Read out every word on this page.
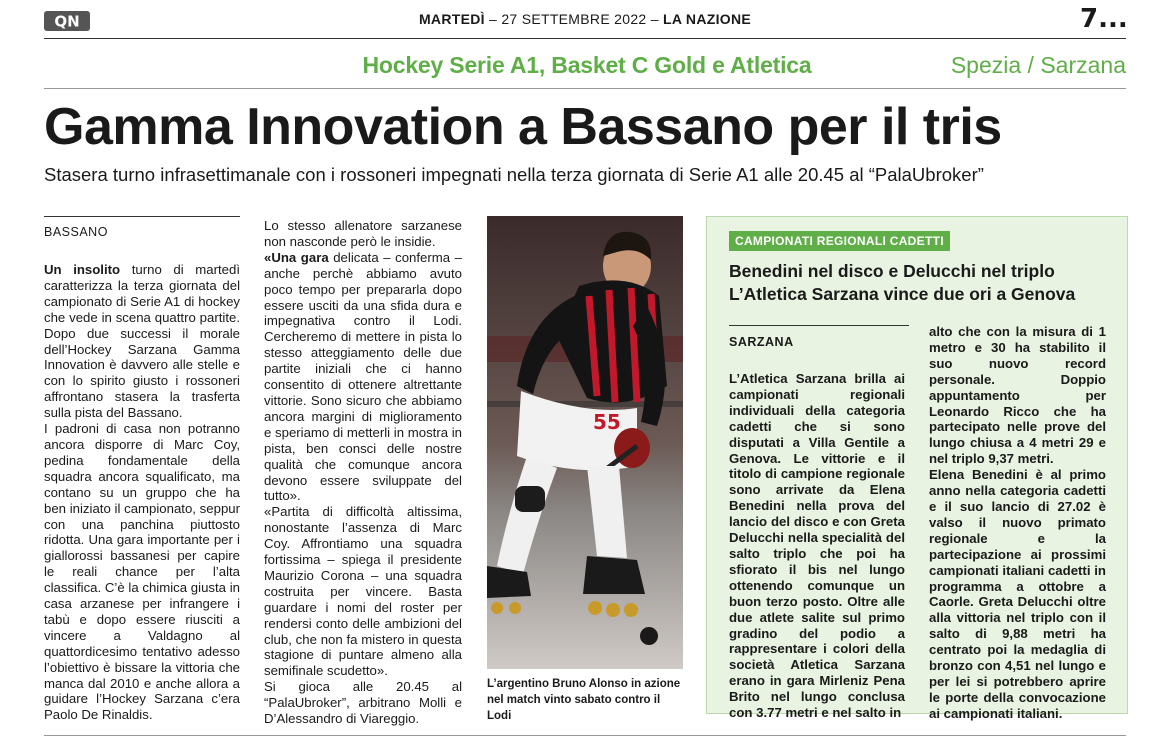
QN	MARTEDÌ – 27 SETTEMBRE 2022 – LA NAZIONE	7...
Hockey Serie A1, Basket C Gold e Atletica	Spezia / Sarzana
Gamma Innovation a Bassano per il tris
Stasera turno infrasettimanale con i rossoneri impegnati nella terza giornata di Serie A1 alle 20.45 al “PalaUbroker”
BASSANO

Un insolito turno di martedì caratterizza la terza giornata del campionato di Serie A1 di hockey che vede in scena quattro partite. Dopo due successi il morale dell’Hockey Sarzana Gamma Innovation è davvero alle stelle e con lo spirito giusto i rossoneri affrontano stasera la trasferta sulla pista del Bassano.

I padroni di casa non potranno ancora disporre di Marc Coy, pedina fondamentale della squadra ancora squalificato, ma contano su un gruppo che ha ben iniziato il campionato, seppur con una panchina piuttosto ridotta. Una gara importante per i giallorossi bassanesi per capire le reali chance per l’alta classifica. C’è la chimica giusta in casa arzanese per infrangere i tabù e dopo essere riusciti a vincere a Valdagno al quattordicesimo tentativo adesso l’obiettivo è bissare la vittoria che manca dal 2010 e anche allora a guidare l’Hockey Sarzana c’era Paolo De Rinaldis.

Lo stesso allenatore sarzanese non nasconde però le insidie.

«Una gara delicata – conferma – anche perchè abbiamo avuto poco tempo per prepararla dopo essere usciti da una sfida dura e impegnativa contro il Lodi. Cercheremo di mettere in pista lo stesso atteggiamento delle due partite iniziali che ci hanno consentito di ottenere altrettante vittorie. Sono sicuro che abbiamo ancora margini di miglioramento e speriamo di metterli in mostra in pista, ben consci delle nostre qualità che comunque ancora devono essere sviluppate del tutto».

«Partita di difficoltà altissima, nonostante l’assenza di Marc Coy. Affrontiamo una squadra fortissima – spiega il presidente Maurizio Corona – una squadra costruita per vincere. Basta guardare i nomi del roster per rendersi conto delle ambizioni del club, che non fa mistero in questa stagione di puntare almeno alla semifinale scudetto».

Si gioca alle 20.45 al “PalaUbroker”, arbitrano Molli e D’Alessandro di Viareggio.

55
L’argentino Bruno Alonso in azione nel match vinto sabato contro il Lodi
CAMPIONATI REGIONALI CADETTI
Benedini nel disco e Delucchi nel triplo
L’Atletica Sarzana vince due ori a Genova
SARZANA

L’Atletica Sarzana brilla ai campionati regionali individuali della categoria cadetti che si sono disputati a Villa Gentile a Genova. Le vittorie e il titolo di campione regionale sono arrivate da Elena Benedini nella prova del lancio del disco e con Greta Delucchi nella specialità del salto triplo che poi ha sfiorato il bis nel lungo ottenendo comunque un buon terzo posto. Oltre alle due atlete salite sul primo gradino del podio a rappresentare i colori della società Atletica Sarzana erano in gara Mirleniz Pena Brito nel lungo conclusa con 3.77 metri e nel salto in

alto che con la misura di 1 metro e 30 ha stabilito il suo nuovo record personale. Doppio appuntamento per Leonardo Ricco che ha partecipato nelle prove del lungo chiusa a 4 metri 29 e nel triplo 9,37 metri.

Elena Benedini è al primo anno nella categoria cadetti e il suo lancio di 27.02 è valso il nuovo primato regionale e la partecipazione ai prossimi campionati italiani cadetti in programma a ottobre a Caorle. Greta Delucchi oltre alla vittoria nel triplo con il salto di 9,88 metri ha centrato poi la medaglia di bronzo con 4,51 nel lungo e per lei si potrebbero aprire le porte della convocazione ai campionati italiani.
